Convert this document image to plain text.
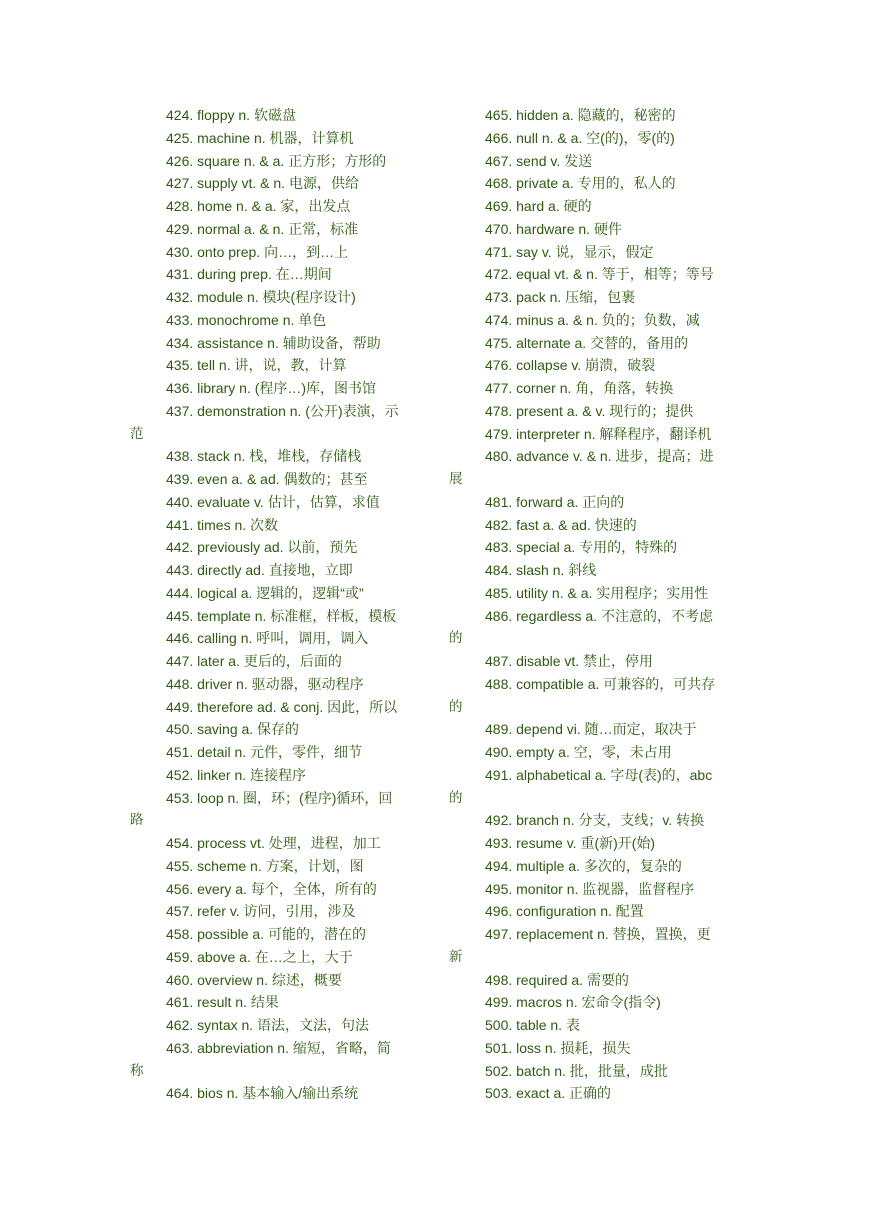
424. floppy n. 软磁盘
425. machine n. 机器，计算机
426. square n. & a. 正方形；方形的
427. supply vt. & n. 电源，供给
428. home n. & a. 家，出发点
429. normal a. & n. 正常，标准
430. onto prep. 向…，到…上
431. during prep. 在…期间
432. module n. 模块(程序设计)
433. monochrome n. 单色
434. assistance n. 辅助设备，帮助
435. tell n. 讲，说，教，计算
436. library n. (程序…)库，图书馆
437. demonstration n. (公开)表演，示
范
438. stack n. 栈，堆栈，存储栈
439. even a. & ad. 偶数的；甚至
440. evaluate v. 估计，估算，求值
441. times n. 次数
442. previously ad. 以前，预先
443. directly ad. 直接地，立即
444. logical a. 逻辑的，逻辑“或”
445. template n. 标准框，样板，模板
446. calling n. 呼叫，调用，调入
447. later a. 更后的，后面的
448. driver n. 驱动器，驱动程序
449. therefore ad. & conj. 因此，所以
450. saving a. 保存的
451. detail n. 元件，零件，细节
452. linker n. 连接程序
453. loop n. 圈，环；(程序)循环，回
路
454. process vt. 处理，进程，加工
455. scheme n. 方案，计划，图
456. every a. 每个，全体，所有的
457. refer v. 访问，引用，涉及
458. possible a. 可能的，潜在的
459. above a. 在…之上，大于
460. overview n. 综述，概要
461. result n. 结果
462. syntax n. 语法，文法，句法
463. abbreviation n. 缩短，省略，简
称
464. bios n. 基本输入/输出系统
465. hidden a. 隐藏的，秘密的
466. null n. & a. 空(的)，零(的)
467. send v. 发送
468. private a. 专用的，私人的
469. hard a. 硬的
470. hardware n. 硬件
471. say v. 说，显示，假定
472. equal vt. & n. 等于，相等；等号
473. pack n. 压缩，包裹
474. minus a. & n. 负的；负数，减
475. alternate a. 交替的，备用的
476. collapse v. 崩溃，破裂
477. corner n. 角，角落，转换
478. present a. & v. 现行的；提供
479. interpreter n. 解释程序，翻译机
480. advance v. & n. 进步，提高；进
展
481. forward a. 正向的
482. fast a. & ad. 快速的
483. special a. 专用的，特殊的
484. slash n. 斜线
485. utility n. & a. 实用程序；实用性
486. regardless a. 不注意的，不考虑
的
487. disable vt. 禁止，停用
488. compatible a. 可兼容的，可共存
的
489. depend vi. 随…而定，取决于
490. empty a. 空，零，未占用
491. alphabetical a. 字母(表)的，abc
的
492. branch n. 分支，支线；v. 转换
493. resume v. 重(新)开(始)
494. multiple a. 多次的，复杂的
495. monitor n. 监视器，监督程序
496. configuration n. 配置
497. replacement n. 替换，置换，更
新
498. required a. 需要的
499. macros n. 宏命令(指令)
500. table n. 表
501. loss n. 损耗，损失
502. batch n. 批，批量，成批
503. exact a. 正确的
